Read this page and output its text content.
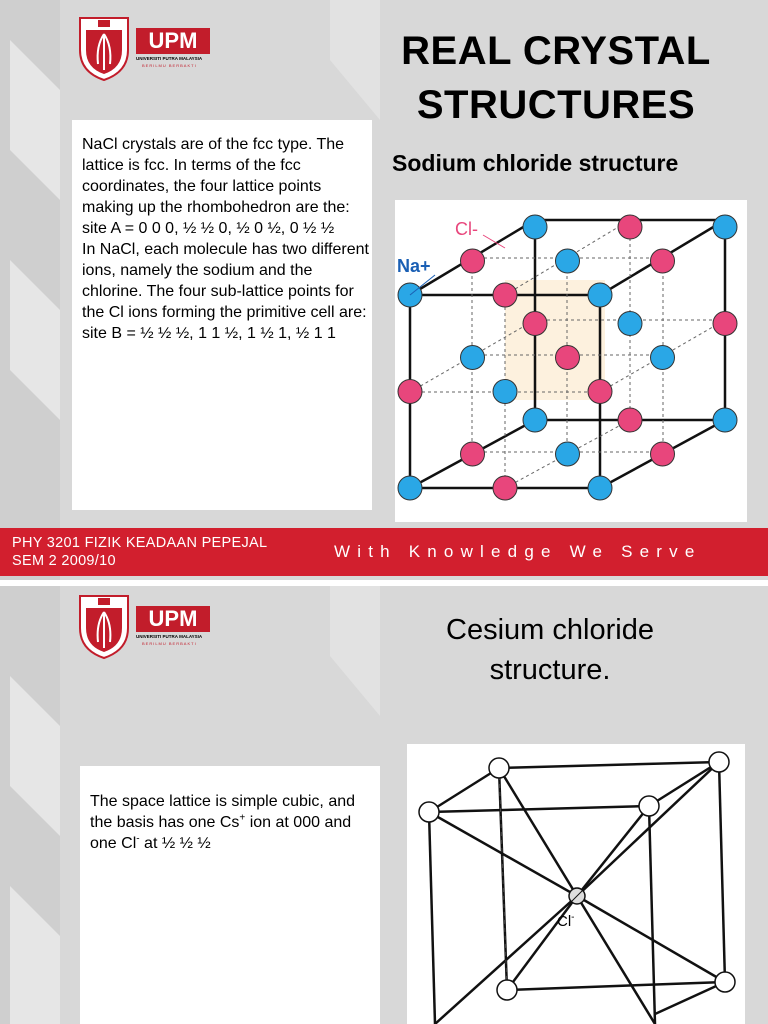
UPM
UNIVERSITI PUTRA MALAYSIA
BERILMU BERBAKTI	REAL CRYSTAL
STRUCTURES
Sodium chloride structure

NaCl crystals are of the fcc type. The lattice is fcc. In terms of the fcc coordinates, the four lattice points making up the rhombohedron are the:

site A = 0 0 0, ½ ½ 0, ½ 0 ½, 0 ½ ½

In NaCl, each molecule has two different ions, namely the sodium and the chlorine. The four sub-lattice points for the Cl ions forming the primitive cell are:

site B = ½ ½ ½, 1 1 ½, 1 ½ 1, ½ 1 1

Cl-
Na+
PHY 3201 FIZIK KEADAAN PEPEJAL
SEM 2 2009/10	With Knowledge We Serve
UPM
UNIVERSITI PUTRA MALAYSIA
BERILMU BERBAKTI	Cesium chloride
structure.
The space lattice is simple cubic, and the basis has one Cs+ ion at 000 and one Cl- at ½ ½ ½
Cl-
